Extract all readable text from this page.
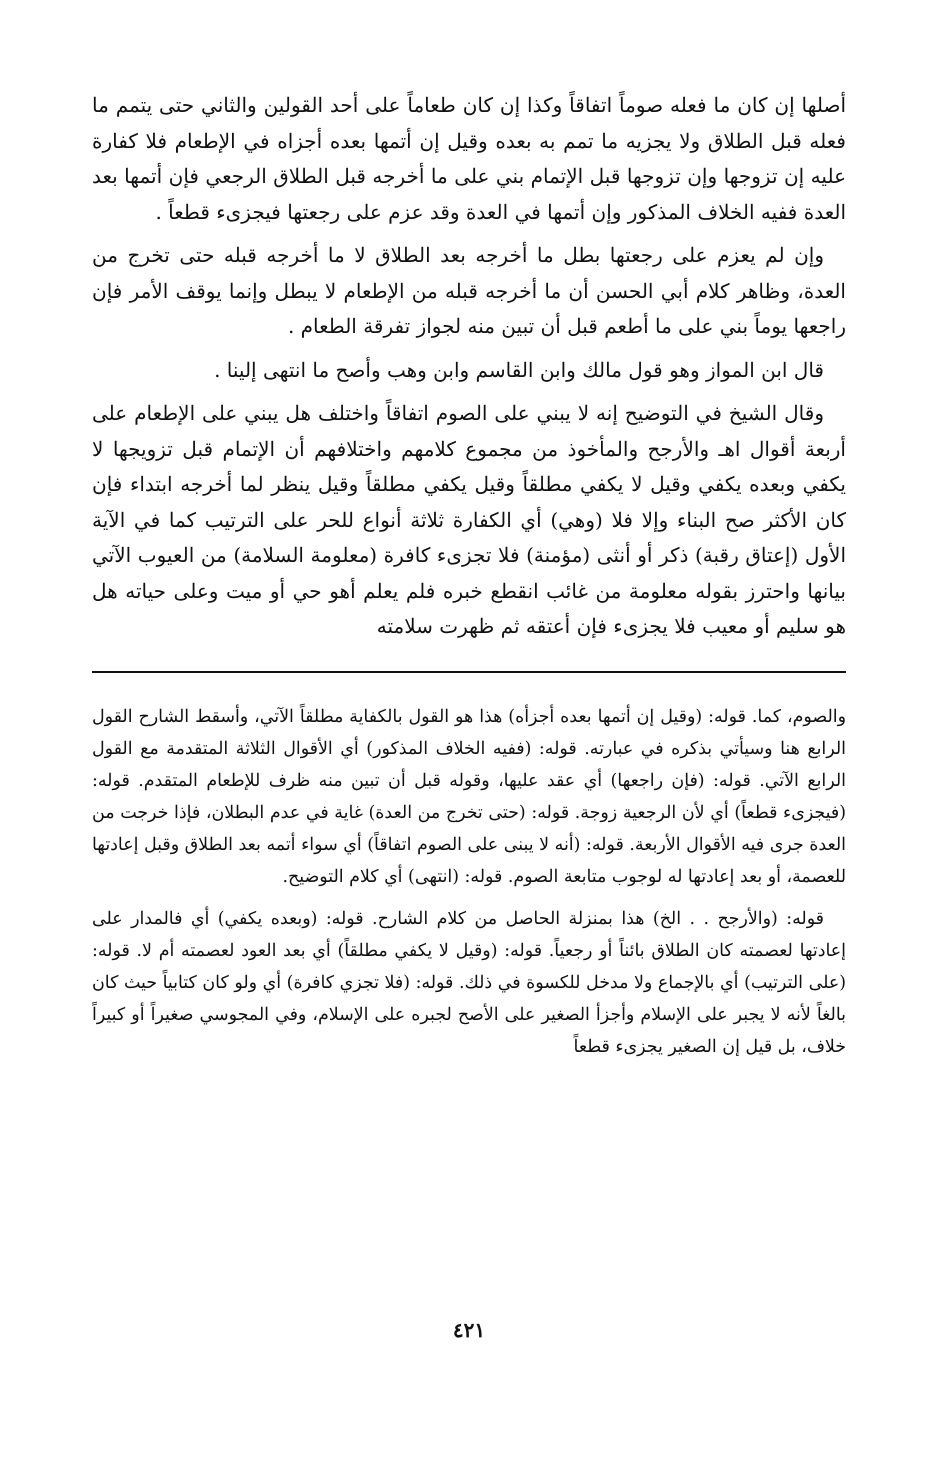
أصلها إن كان ما فعله صوماً اتفاقاً وكذا إن كان طعاماً على أحد القولين والثاني حتى يتمم ما فعله قبل الطلاق ولا يجزيه ما تمم به بعده وقيل إن أتمها بعده أجزاه في الإطعام فلا كفارة عليه إن تزوجها وإن تزوجها قبل الإتمام بني على ما أخرجه قبل الطلاق الرجعي فإن أتمها بعد العدة ففيه الخلاف المذكور وإن أتمها في العدة وقد عزم على رجعتها فيجزىء قطعاً .

وإن لم يعزم على رجعتها بطل ما أخرجه بعد الطلاق لا ما أخرجه قبله حتى تخرج من العدة، وظاهر كلام أبي الحسن أن ما أخرجه قبله من الإطعام لا يبطل وإنما يوقف الأمر فإن راجعها يوماً بني على ما أطعم قبل أن تبين منه لجواز تفرقة الطعام .

قال ابن المواز وهو قول مالك وابن القاسم وابن وهب وأصح ما انتهى إلينا .

وقال الشيخ في التوضيح إنه لا يبني على الصوم اتفاقاً واختلف هل يبني على الإطعام على أربعة أقوال اهـ والأرجح والمأخوذ من مجموع كلامهم واختلافهم أن الإتمام قبل تزويجها لا يكفي وبعده يكفي وقيل لا يكفي مطلقاً وقيل يكفي مطلقاً وقيل ينظر لما أخرجه ابتداء فإن كان الأكثر صح البناء وإلا فلا (وهي) أي الكفارة ثلاثة أنواع للحر على الترتيب كما في الآية الأول (إعتاق رقبة) ذكر أو أنثى (مؤمنة) فلا تجزىء كافرة (معلومة السلامة) من العيوب الآتي بيانها واحترز بقوله معلومة من غائب انقطع خبره فلم يعلم أهو حي أو ميت وعلى حياته هل هو سليم أو معيب فلا يجزىء فإن أعتقه ثم ظهرت سلامته

والصوم، كما. قوله: (وقيل إن أتمها بعده أجزأه) هذا هو القول بالكفاية مطلقاً الآتي، وأسقط الشارح القول الرابع هنا وسيأتي بذكره في عبارته. قوله: (ففيه الخلاف المذكور) أي الأقوال الثلاثة المتقدمة مع القول الرابع الآتي. قوله: (فإن راجعها) أي عقد عليها، وقوله قبل أن تبين منه ظرف للإطعام المتقدم. قوله: (فيجزىء قطعاً) أي لأن الرجعية زوجة. قوله: (حتى تخرج من العدة) غاية في عدم البطلان، فإذا خرجت من العدة جرى فيه الأقوال الأربعة. قوله: (أنه لا يبنى على الصوم اتفاقاً) أي سواء أتمه بعد الطلاق وقبل إعادتها للعصمة، أو بعد إعادتها له لوجوب متابعة الصوم. قوله: (انتهى) أي كلام التوضيح.

قوله: (والأرجح . . الخ) هذا بمنزلة الحاصل من كلام الشارح. قوله: (وبعده يكفي) أي فالمدار على إعادتها لعصمته كان الطلاق بائناً أو رجعياً. قوله: (وقيل لا يكفي مطلقاً) أي بعد العود لعصمته أم لا. قوله: (على الترتيب) أي بالإجماع ولا مدخل للكسوة في ذلك. قوله: (فلا تجزي كافرة) أي ولو كان كتابياً حيث كان بالغاً لأنه لا يجبر على الإسلام وأجزأ الصغير على الأصح لجبره على الإسلام، وفي المجوسي صغيراً أو كبيراً خلاف، بل قيل إن الصغير يجزىء قطعاً

٤٢١
